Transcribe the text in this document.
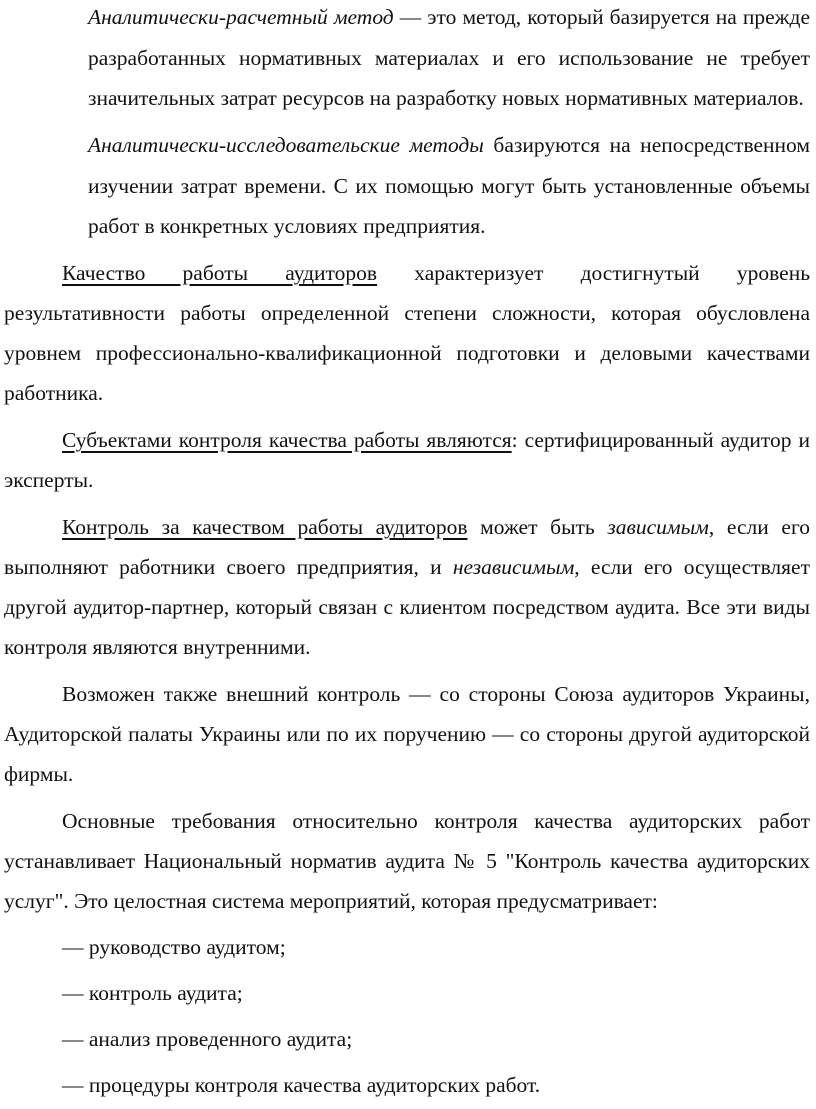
Аналитически-расчетный метод — это метод, который базируется на прежде разработанных нормативных материалах и его использование не требует значительных затрат ресурсов на разработку новых нормативных материалов.

Аналитически-исследовательские методы базируются на непосредственном изучении затрат времени. С их помощью могут быть установленные объемы работ в конкретных условиях предприятия.

Качество работы аудиторов характеризует достигнутый уровень результативности работы определенной степени сложности, которая обусловлена уровнем профессионально-квалификационной подготовки и деловыми качествами работника.

Субъектами контроля качества работы являются: сертифицированный аудитор и эксперты.

Контроль за качеством работы аудиторов может быть зависимым, если его выполняют работники своего предприятия, и независимым, если его осуществляет другой аудитор-партнер, который связан с клиентом посредством аудита. Все эти виды контроля являются внутренними.

Возможен также внешний контроль — со стороны Союза аудиторов Украины, Аудиторской палаты Украины или по их поручению — со стороны другой аудиторской фирмы.

Основные требования относительно контроля качества аудиторских работ устанавливает Национальный норматив аудита № 5 "Контроль качества аудиторских услуг". Это целостная система мероприятий, которая предусматривает:

— руководство аудитом;

— контроль аудита;

— анализ проведенного аудита;

— процедуры контроля качества аудиторских работ.
